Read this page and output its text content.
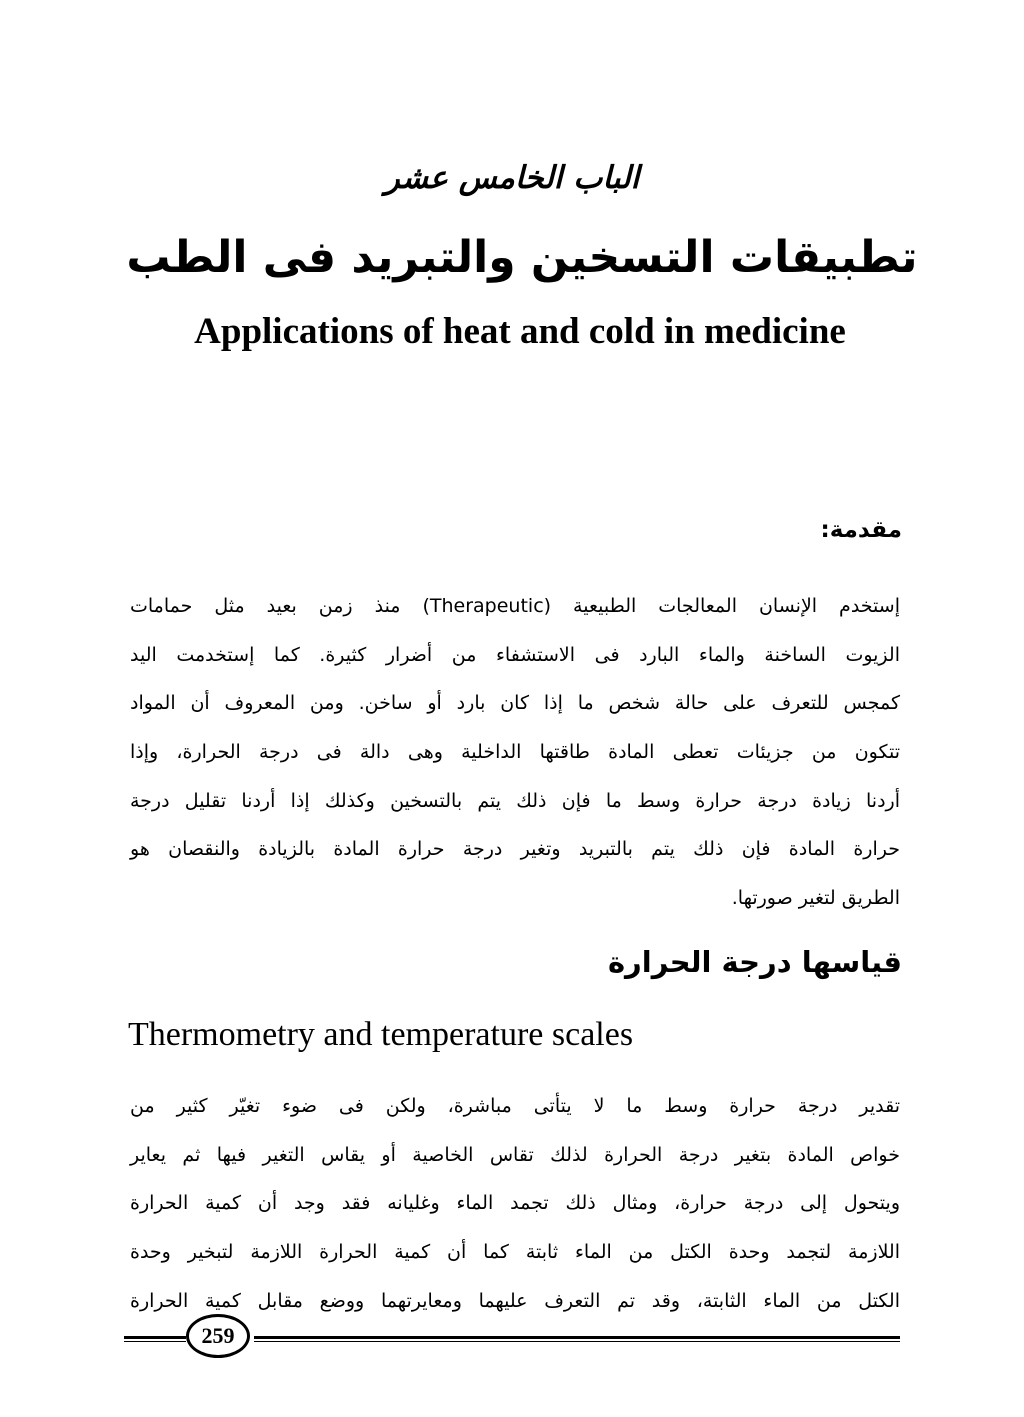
الباب الخامس عشر
تطبيقات التسخين والتبريد فى الطب
Applications of heat and cold in medicine
مقدمة:
إستخدم الإنسان المعالجات الطبيعية (Therapeutic) منذ زمن بعيد مثل حمامات
الزيوت الساخنة والماء البارد فى الاستشفاء من أضرار كثيرة. كما إستخدمت اليد
كمجس للتعرف على حالة شخص ما إذا كان بارد أو ساخن. ومن المعروف أن المواد
تتكون من جزيئات تعطى المادة طاقتها الداخلية وهى دالة فى درجة الحرارة، وإذا
أردنا زيادة درجة حرارة وسط ما فإن ذلك يتم بالتسخين وكذلك إذا أردنا تقليل درجة
حرارة المادة فإن ذلك يتم بالتبريد وتغير درجة حرارة المادة بالزيادة والنقصان هو
الطريق لتغير صورتها.
قياسها درجة الحرارة
Thermometry and temperature scales
تقدير درجة حرارة وسط ما لا يتأتى مباشرة، ولكن فى ضوء تغيّر كثير من
خواص المادة بتغير درجة الحرارة لذلك تقاس الخاصية أو يقاس التغير فيها ثم يعاير
ويتحول إلى درجة حرارة، ومثال ذلك تجمد الماء وغليانه فقد وجد أن كمية الحرارة
اللازمة لتجمد وحدة الكتل من الماء ثابتة كما أن كمية الحرارة اللازمة لتبخير وحدة
الكتل من الماء الثابتة، وقد تم التعرف عليهما ومعايرتهما ووضع مقابل كمية الحرارة
259
